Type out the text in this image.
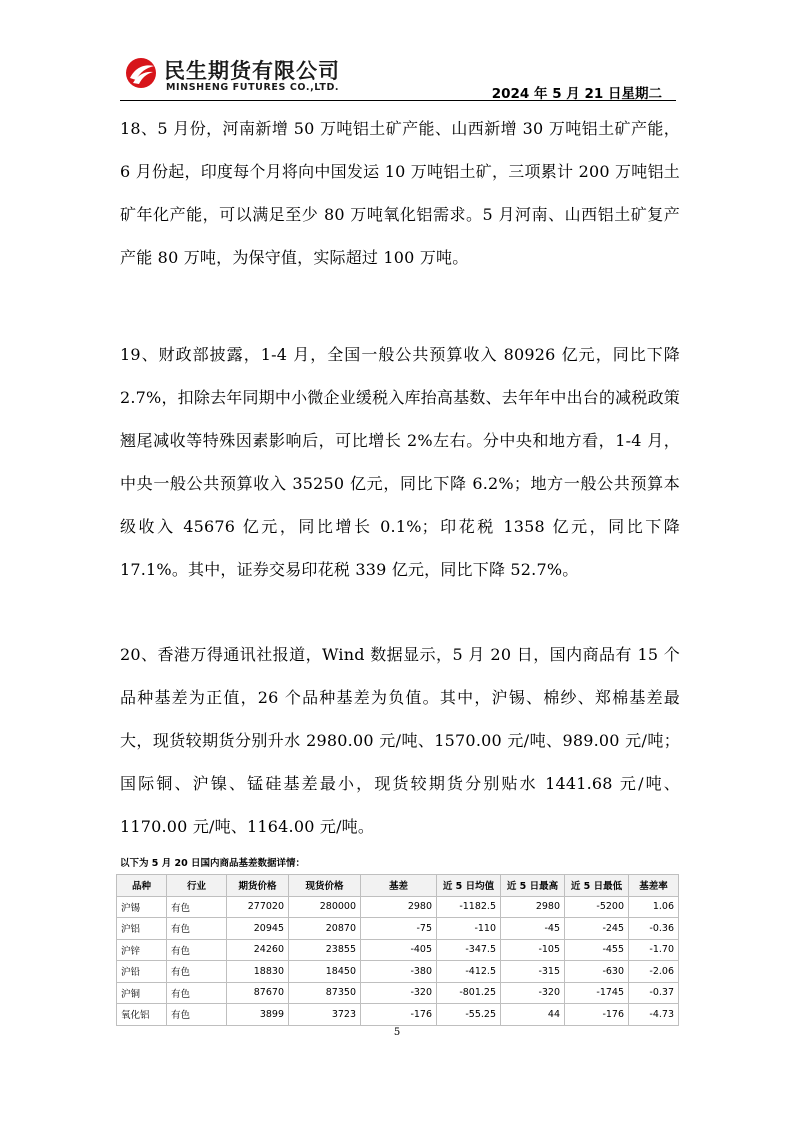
民生期货有限公司
MINSHENG FUTURES CO.,LTD.	2024 年 5 月 21 日星期二

18、5 月份，河南新增 50 万吨铝土矿产能、山西新增 30 万吨铝土矿产能，6 月份起，印度每个月将向中国发运 10 万吨铝土矿，三项累计 200 万吨铝土矿年化产能，可以满足至少 80 万吨氧化铝需求。5 月河南、山西铝土矿复产产能 80 万吨，为保守值，实际超过 100 万吨。

19、财政部披露，1-4 月，全国一般公共预算收入 80926 亿元，同比下降 2.7%，扣除去年同期中小微企业缓税入库抬高基数、去年年中出台的减税政策翘尾减收等特殊因素影响后，可比增长 2%左右。分中央和地方看，1-4 月，中央一般公共预算收入 35250 亿元，同比下降 6.2%；地方一般公共预算本级收入 45676 亿元，同比增长 0.1%；印花税 1358 亿元，同比下降 17.1%。其中，证券交易印花税 339 亿元，同比下降 52.7%。

20、香港万得通讯社报道，Wind 数据显示，5 月 20 日，国内商品有 15 个品种基差为正值，26 个品种基差为负值。其中，沪锡、棉纱、郑棉基差最大，现货较期货分别升水 2980.00 元/吨、1570.00 元/吨、989.00 元/吨；国际铜、沪镍、锰硅基差最小，现货较期货分别贴水 1441.68 元/吨、1170.00 元/吨、1164.00 元/吨。

以下为 5 月 20 日国内商品基差数据详情：
品种	行业	期货价格	现货价格	基差	近 5 日均值	近 5 日最高	近 5 日最低	基差率
沪锡	有色	277020	280000	2980	-1182.5	2980	-5200	1.06
沪铝	有色	20945	20870	-75	-110	-45	-245	-0.36
沪锌	有色	24260	23855	-405	-347.5	-105	-455	-1.70
沪铅	有色	18830	18450	-380	-412.5	-315	-630	-2.06
沪铜	有色	87670	87350	-320	-801.25	-320	-1745	-0.37
氧化铝	有色	3899	3723	-176	-55.25	44	-176	-4.73
5
